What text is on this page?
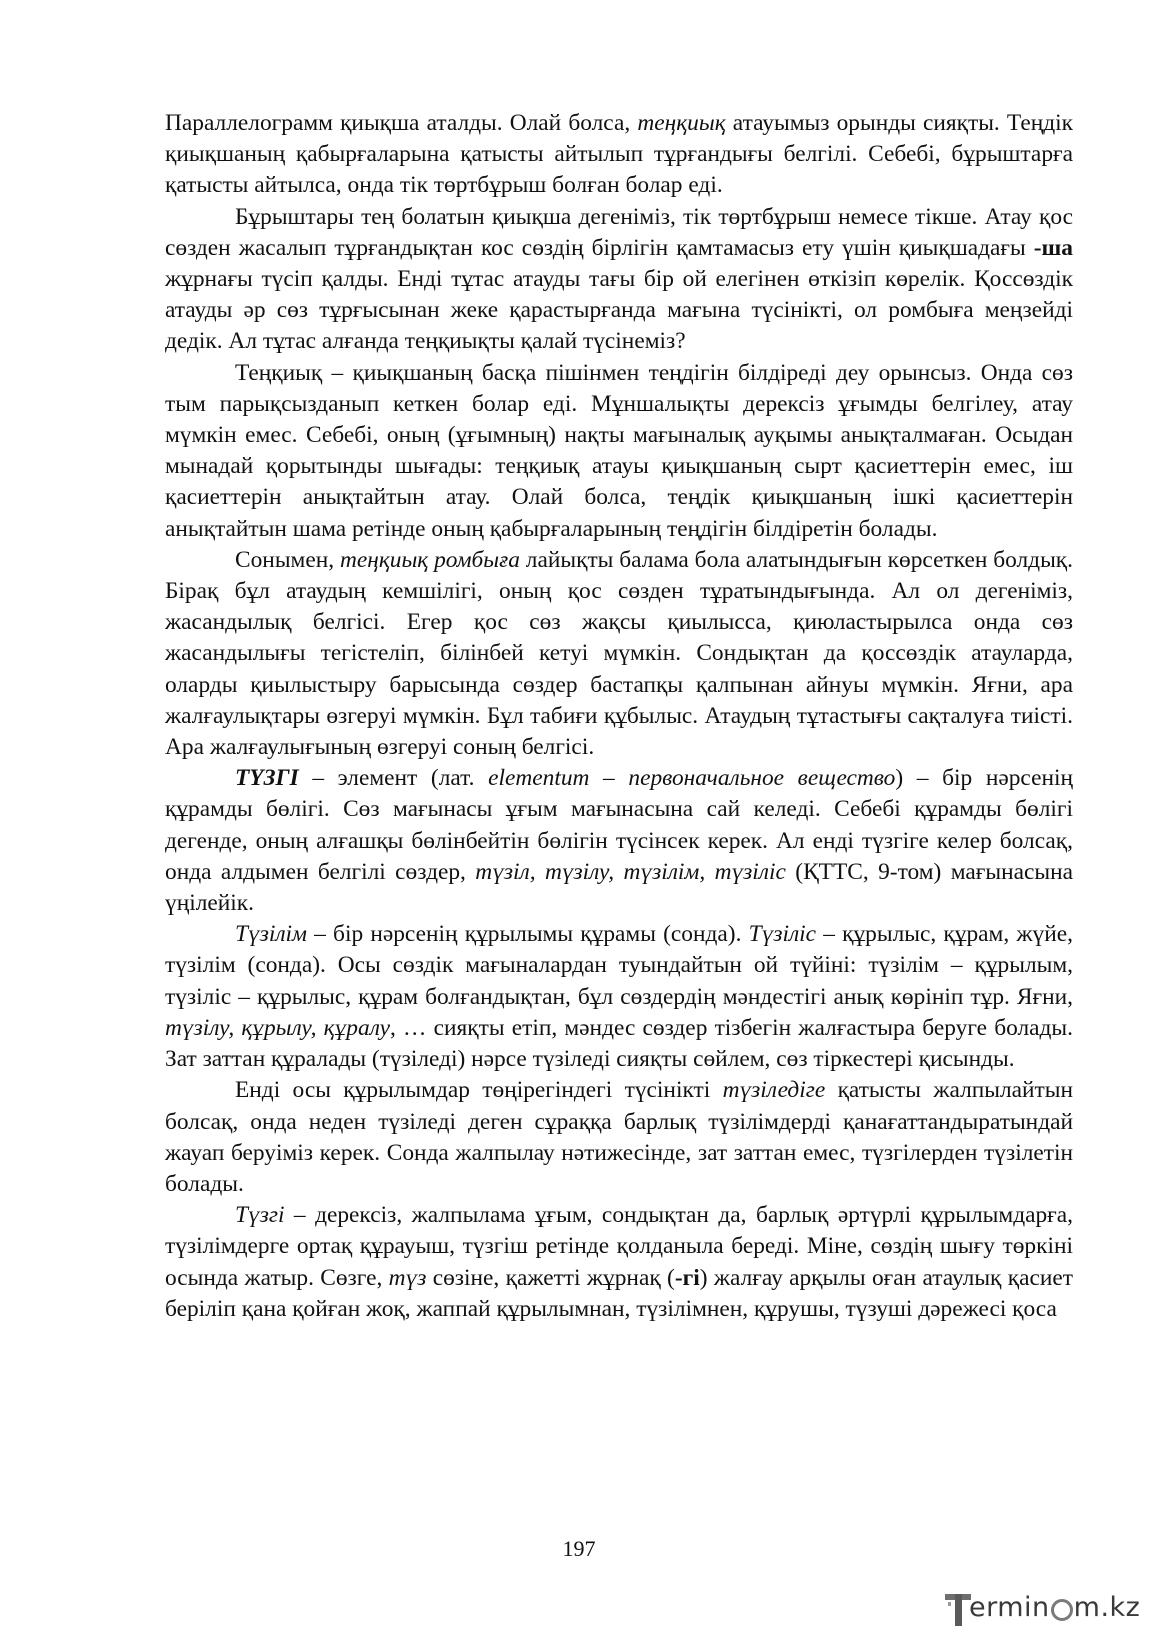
Параллелограмм қиықша аталды. Олай болса, теңқиық атауымыз орынды сияқты. Теңдік қиықшаның қабырғаларына қатысты айтылып тұрғандығы белгілі. Себебі, бұрыштарға қатысты айтылса, онда тік төртбұрыш болған болар еді.

Бұрыштары тең болатын қиықша дегеніміз, тік төртбұрыш немесе тікше. Атау қос сөзден жасалып тұрғандықтан кос сөздің бірлігін қамтамасыз ету үшін қиықшадағы -ша жұрнағы түсіп қалды. Енді тұтас атауды тағы бір ой елегінен өткізіп көрелік. Қоссөздік атауды әр сөз тұрғысынан жеке қарастырғанда мағына түсінікті, ол ромбыға меңзейді дедік. Ал тұтас алғанда теңқиықты қалай түсінеміз?

Теңқиық – қиықшаның басқа пішінмен теңдігін білдіреді деу орынсыз. Онда сөз тым парықсызданып кеткен болар еді. Мұншалықты дерексіз ұғымды белгілеу, атау мүмкін емес. Себебі, оның (ұғымның) нақты мағыналық ауқымы анықталмаған. Осыдан мынадай қорытынды шығады: теңқиық атауы қиықшаның сырт қасиеттерін емес, іш қасиеттерін анықтайтын атау. Олай болса, теңдік қиықшаның ішкі қасиеттерін анықтайтын шама ретінде оның қабырғаларының теңдігін білдіретін болады.

Сонымен, теңқиық ромбыға лайықты балама бола алатындығын көрсеткен болдық. Бірақ бұл атаудың кемшілігі, оның қос сөзден тұратындығында. Ал ол дегеніміз, жасандылық белгісі. Егер қос сөз жақсы қиылысса, қиюластырылса онда сөз жасандылығы тегістеліп, білінбей кетуі мүмкін. Сондықтан да қоссөздік атауларда, оларды қиылыстыру барысында сөздер бастапқы қалпынан айнуы мүмкін. Яғни, ара жалғаулықтары өзгеруі мүмкін. Бұл табиғи құбылыс. Атаудың тұтастығы сақталуға тиісті. Ара жалғаулығының өзгеруі соның белгісі.

ТҮЗГІ – элемент (лат. elementum – первоначальное вещество) – бір нәрсенің құрамды бөлігі. Сөз мағынасы ұғым мағынасына сай келеді. Себебі құрамды бөлігі дегенде, оның алғашқы бөлінбейтін бөлігін түсінсек керек. Ал енді түзгіге келер болсақ, онда алдымен белгілі сөздер, түзіл, түзілу, түзілім, түзіліс (ҚТТС, 9-том) мағынасына үңілейік.

Түзілім – бір нәрсенің құрылымы құрамы (сонда). Түзіліс – құрылыс, құрам, жүйе, түзілім (сонда). Осы сөздік мағыналардан туындайтын ой түйіні: түзілім – құрылым, түзіліс – құрылыс, құрам болғандықтан, бұл сөздердің мәндестігі анық көрініп тұр. Яғни, түзілу, құрылу, құралу, … сияқты етіп, мәндес сөздер тізбегін жалғастыра беруге болады. Зат заттан құралады (түзіледі) нәрсе түзіледі сияқты сөйлем, сөз тіркестері қисынды.

Енді осы құрылымдар төңірегіндегі түсінікті түзіледіге қатысты жалпылайтын болсақ, онда неден түзіледі деген сұраққа барлық түзілімдерді қанағаттандыратындай жауап беруіміз керек. Сонда жалпылау нәтижесінде, зат заттан емес, түзгілерден түзілетін болады.

Түзгі – дерексіз, жалпылама ұғым, сондықтан да, барлық әртүрлі құрылымдарға, түзілімдерге ортақ құрауыш, түзгіш ретінде қолданыла береді. Міне, сөздің шығу төркіні осында жатыр. Сөзге, түз сөзіне, қажетті жұрнақ (-гі) жалғау арқылы оған атаулық қасиет беріліп қана қойған жоқ, жаппай құрылымнан, түзілімнен, құрушы, түзуші дәрежесі қоса

197
ermin m.kz
